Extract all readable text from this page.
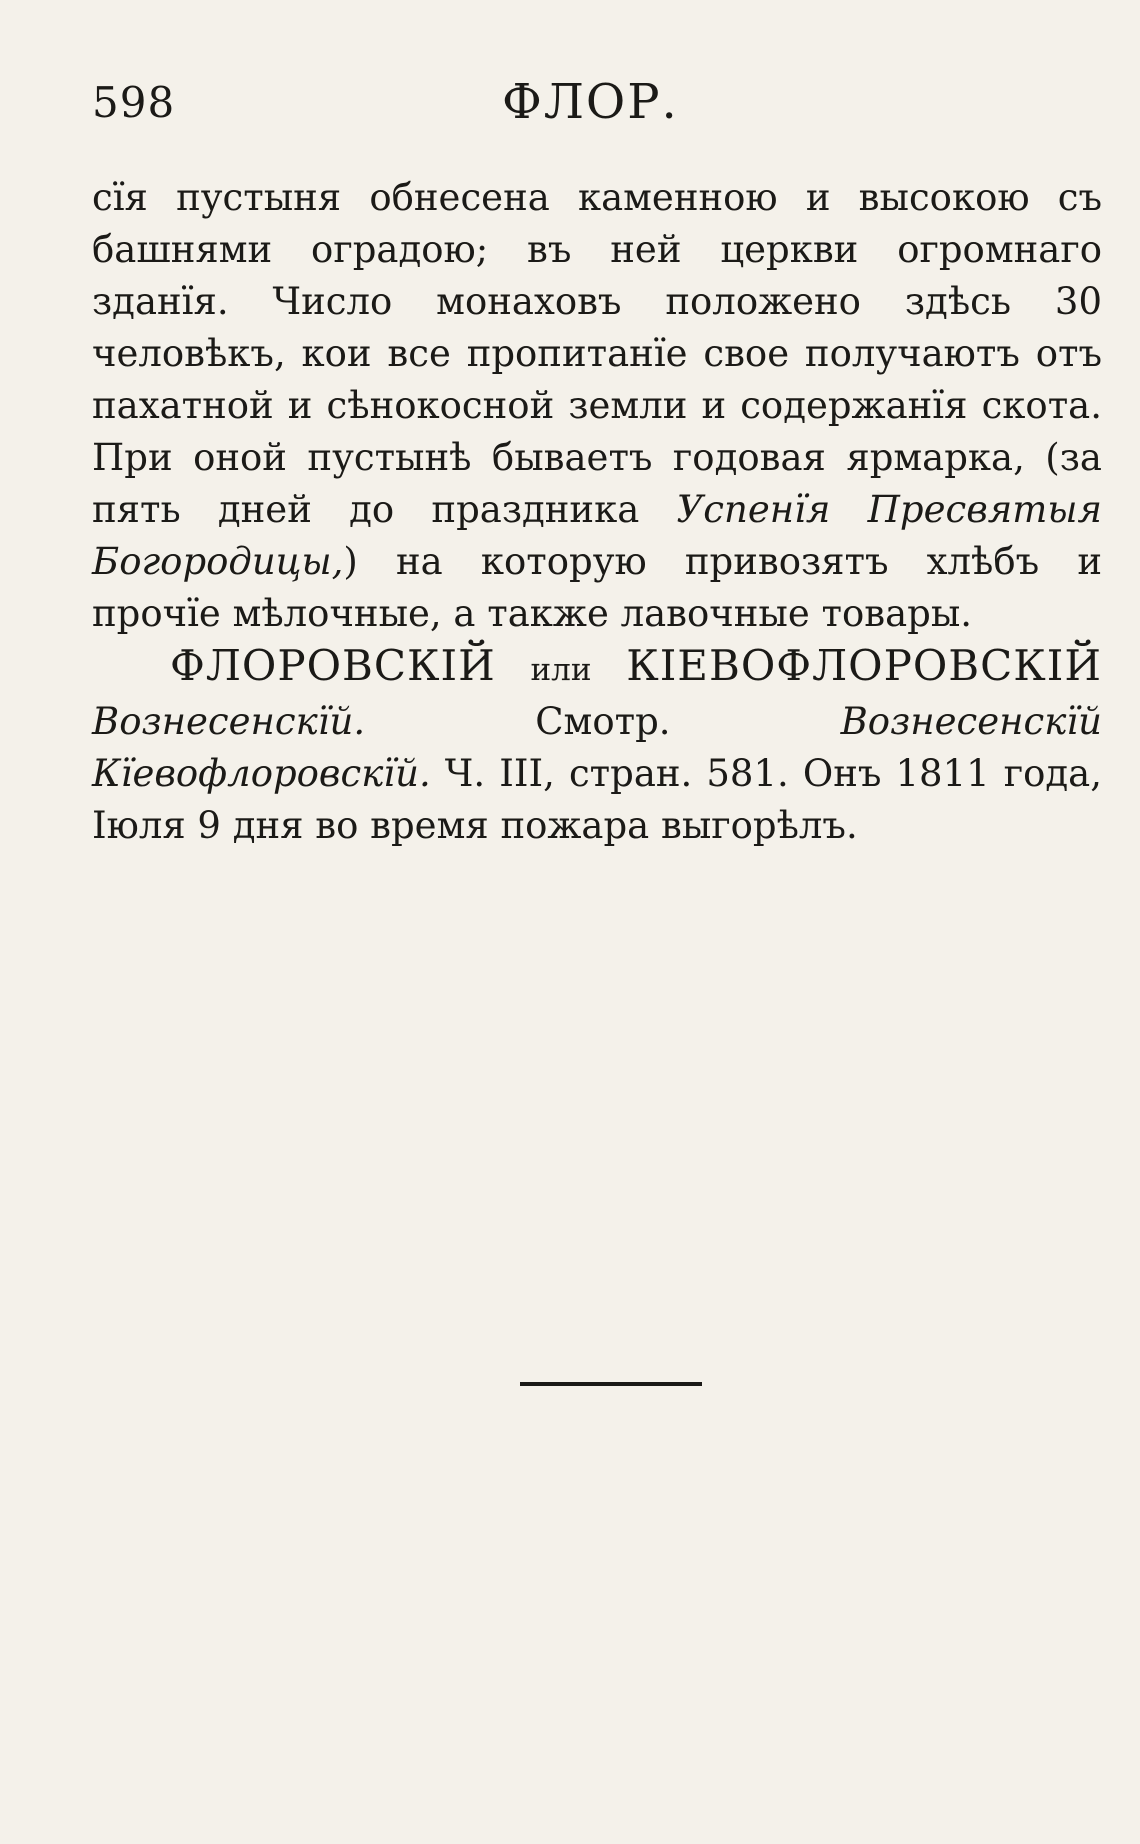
598	ФЛОР.

сїя пустыня обнесена каменною и высокою съ башнями оградою; въ ней церкви огромнаго зданїя. Число монаховъ положено здѣсь 30 человѣкъ, кои все пропитанїе свое получаютъ отъ пахатной и сѣнокосной земли и содержанїя скота. При оной пустынѣ бываетъ годовая ярмарка, (за пять дней до праздника Успенїя Пресвятыя Богородицы,) на которую привозятъ хлѣбъ и прочїе мѣлочные, а также лавочные товары.

ФЛОРОВСКІЙ или КІЕВОФЛОРОВСКІЙ Вознесенскїй. Смотр. Вознесенскїй Кїевофлоровскїй. Ч. III, стран. 581. Онъ 1811 года, Іюля 9 дня во время пожара выгорѣлъ.
